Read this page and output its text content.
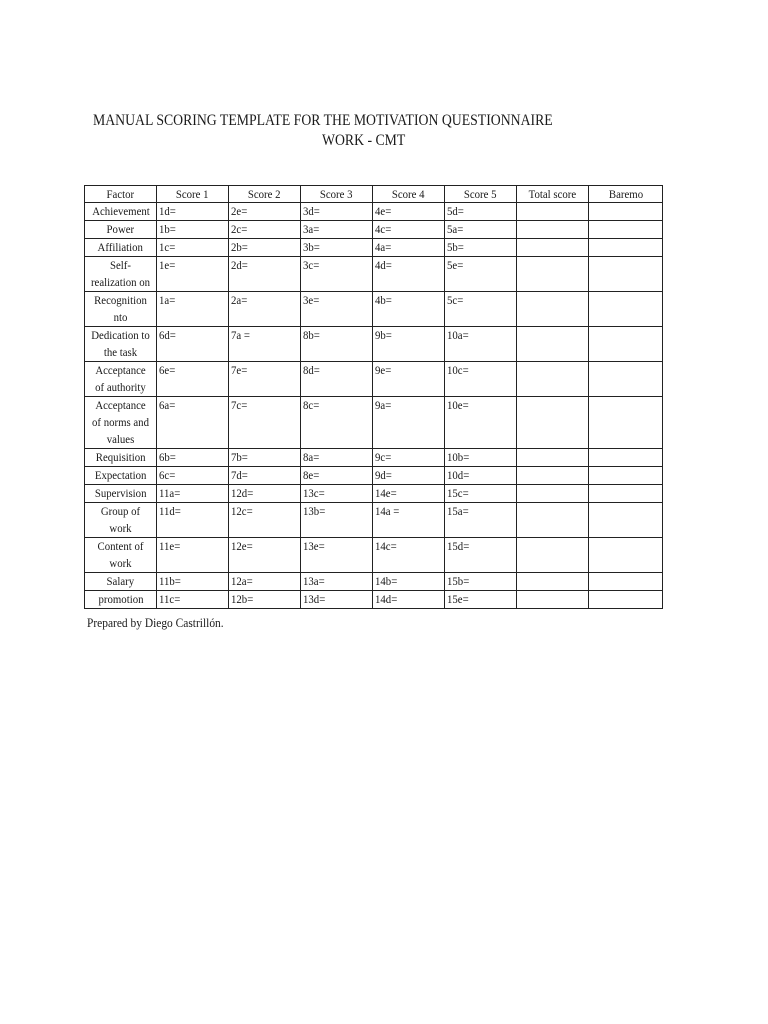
MANUAL SCORING TEMPLATE FOR THE MOTIVATION QUESTIONNAIRE
WORK - CMT
Factor	Score 1	Score 2	Score 3	Score 4	Score 5	Total score	Baremo
Achievement	1d=	2e=	3d=	4e=	5d=		
Power	1b=	2c=	3a=	4c=	5a=		
Affiliation	1c=	2b=	3b=	4a=	5b=		
Self-realization on	1e=	2d=	3c=	4d=	5e=		
Recognition nto	1a=	2a=	3e=	4b=	5c=		
Dedication to the task	6d=	7a =	8b=	9b=	10a=		
Acceptance of authority	6e=	7e=	8d=	9e=	10c=		
Acceptance of norms and values	6a=	7c=	8c=	9a=	10e=		
Requisition	6b=	7b=	8a=	9c=	10b=		
Expectation	6c=	7d=	8e=	9d=	10d=		
Supervision	11a=	12d=	13c=	14e=	15c=		
Group of work	11d=	12c=	13b=	14a =	15a=		
Content of work	11e=	12e=	13e=	14c=	15d=		
Salary	11b=	12a=	13a=	14b=	15b=		
promotion	11c=	12b=	13d=	14d=	15e=		
Prepared by Diego Castrillón.
